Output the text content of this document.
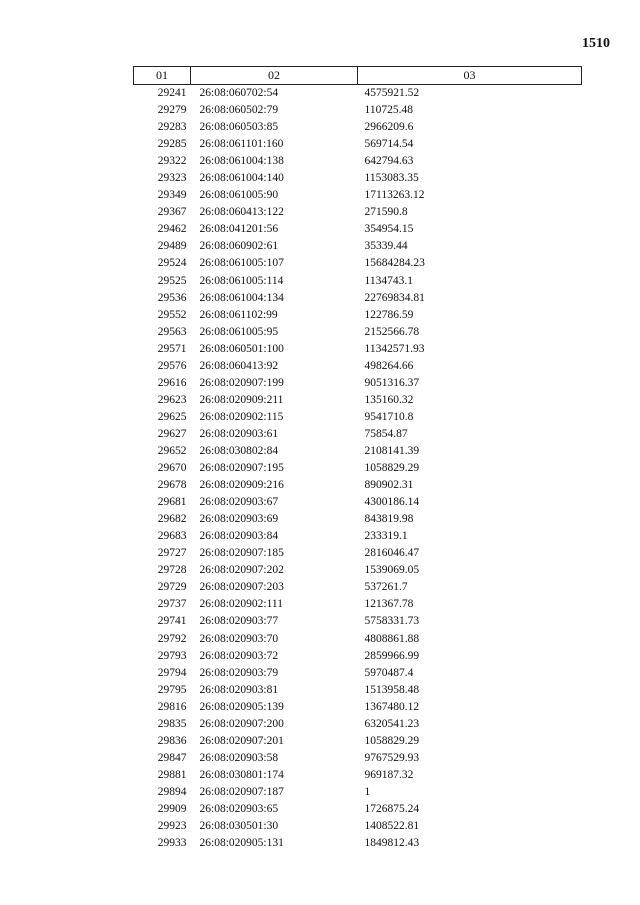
1510
01	02	03
29241	26:08:060702:54	4575921.52
29279	26:08:060502:79	110725.48
29283	26:08:060503:85	2966209.6
29285	26:08:061101:160	569714.54
29322	26:08:061004:138	642794.63
29323	26:08:061004:140	1153083.35
29349	26:08:061005:90	17113263.12
29367	26:08:060413:122	271590.8
29462	26:08:041201:56	354954.15
29489	26:08:060902:61	35339.44
29524	26:08:061005:107	15684284.23
29525	26:08:061005:114	1134743.1
29536	26:08:061004:134	22769834.81
29552	26:08:061102:99	122786.59
29563	26:08:061005:95	2152566.78
29571	26:08:060501:100	11342571.93
29576	26:08:060413:92	498264.66
29616	26:08:020907:199	9051316.37
29623	26:08:020909:211	135160.32
29625	26:08:020902:115	9541710.8
29627	26:08:020903:61	75854.87
29652	26:08:030802:84	2108141.39
29670	26:08:020907:195	1058829.29
29678	26:08:020909:216	890902.31
29681	26:08:020903:67	4300186.14
29682	26:08:020903:69	843819.98
29683	26:08:020903:84	233319.1
29727	26:08:020907:185	2816046.47
29728	26:08:020907:202	1539069.05
29729	26:08:020907:203	537261.7
29737	26:08:020902:111	121367.78
29741	26:08:020903:77	5758331.73
29792	26:08:020903:70	4808861.88
29793	26:08:020903:72	2859966.99
29794	26:08:020903:79	5970487.4
29795	26:08:020903:81	1513958.48
29816	26:08:020905:139	1367480.12
29835	26:08:020907:200	6320541.23
29836	26:08:020907:201	1058829.29
29847	26:08:020903:58	9767529.93
29881	26:08:030801:174	969187.32
29894	26:08:020907:187	1
29909	26:08:020903:65	1726875.24
29923	26:08:030501:30	1408522.81
29933	26:08:020905:131	1849812.43
